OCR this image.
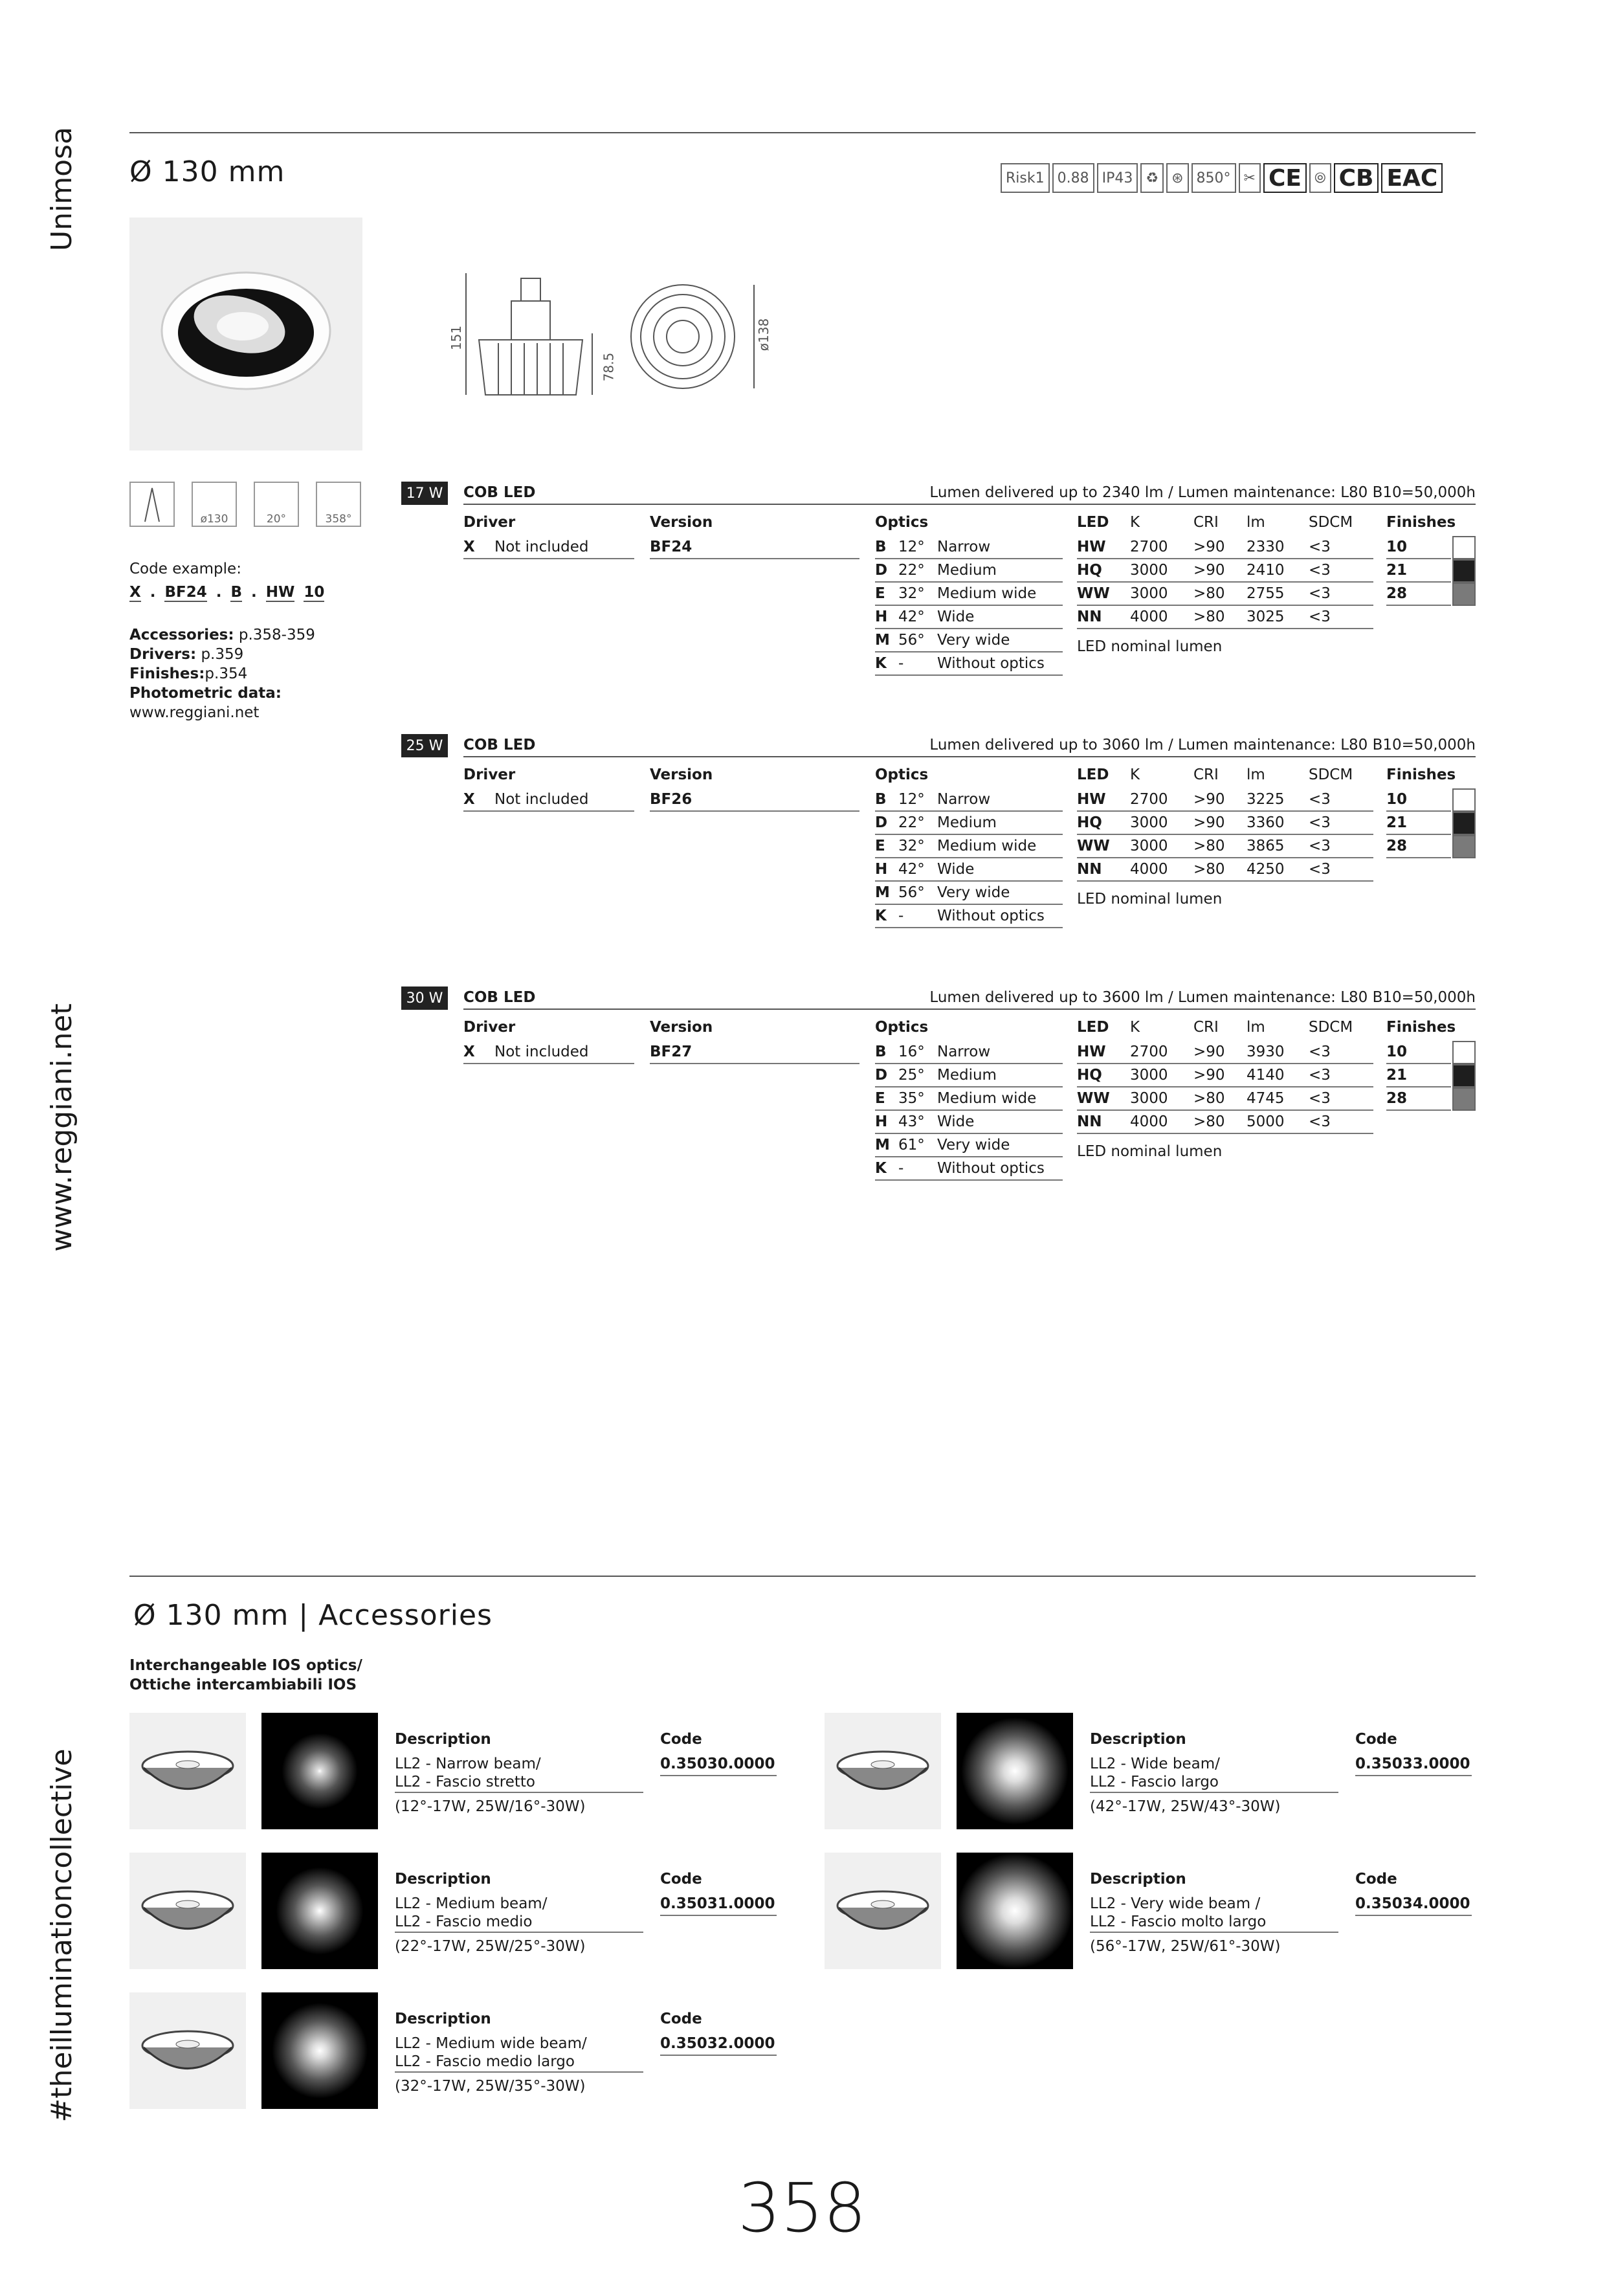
Unimosa
www.reggiani.net
#theilluminationcollective
Ø 130 mm	Risk1 0.88 IP43 ♻ ⊛ 850° ✂ CE ⦾ CB EAC
151
78.5
ø138
ø130	20°	358°
Code example:
X . BF24 . B . HW 10
Accessories: p.358-359
Drivers: p.359
Finishes:p.354
Photometric data:
www.reggiani.net
17 W	COB LED	Lumen delivered up to 2340 lm / Lumen maintenance: L80 B10=50,000h
Driver	Version	Optics	LED K	CRI lm	SDCM Finishes
X Not included	BF24	B 12° Narrow
D 22° Medium
E 32° Medium wide
H 42° Wide
M 56° Very wide
K - Without optics
HW 2700 >90 2330 <3
HQ 3000 >90 2410 <3
WW 3000 >80 2755 <3
NN 4000 >80 3025 <3
LED nominal lumen
10
21
28
25 W	COB LED	Lumen delivered up to 3060 lm / Lumen maintenance: L80 B10=50,000h
Driver	Version	Optics	LED K	CRI lm	SDCM Finishes
X Not included	BF26	B 12° Narrow
D 22° Medium
E 32° Medium wide
H 42° Wide
M 56° Very wide
K - Without optics
HW 2700 >90 3225 <3
HQ 3000 >90 3360 <3
WW 3000 >80 3865 <3
NN 4000 >80 4250 <3
LED nominal lumen
10
21
28
30 W	COB LED	Lumen delivered up to 3600 lm / Lumen maintenance: L80 B10=50,000h
Driver	Version	Optics	LED K	CRI lm	SDCM Finishes
X Not included	BF27	B 16° Narrow
D 25° Medium
E 35° Medium wide
H 43° Wide
M 61° Very wide
K - Without optics
HW 2700 >90 3930 <3
HQ 3000 >90 4140 <3
WW 3000 >80 4745 <3
NN 4000 >80 5000 <3
LED nominal lumen
10
21
28
Ø 130 mm | Accessories
Interchangeable IOS optics/
Ottiche intercambiabili IOS
Description
LL2 - Narrow beam/
LL2 - Fascio stretto
(12°-17W, 25W/16°-30W)
Code
0.35030.0000
Description
LL2 - Medium beam/
LL2 - Fascio medio
(22°-17W, 25W/25°-30W)
Code
0.35031.0000
Description
LL2 - Medium wide beam/
LL2 - Fascio medio largo
(32°-17W, 25W/35°-30W)
Code
0.35032.0000
Description
LL2 - Wide beam/
LL2 - Fascio largo
(42°-17W, 25W/43°-30W)
Code
0.35033.0000
Description
LL2 - Very wide beam /
LL2 - Fascio molto largo
(56°-17W, 25W/61°-30W)
Code
0.35034.0000
358
